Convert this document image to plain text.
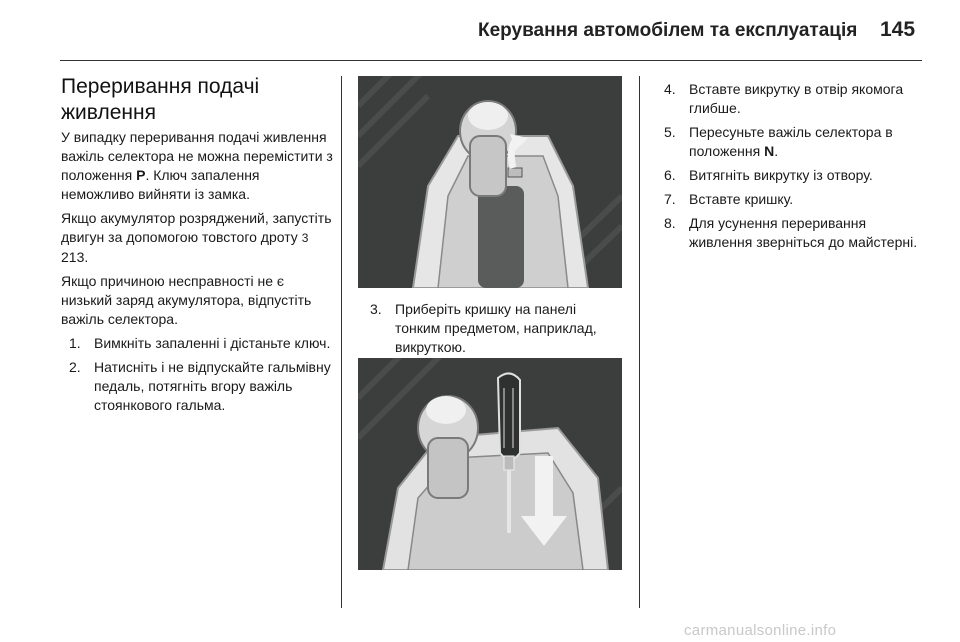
Керування автомобілем та експлуатація 145
Переривання подачі живлення

У випадку переривання подачі живлення важіль селектора не можна перемістити з положення P. Ключ запалення неможливо вийняти із замка.

Якщо акумулятор розряджений, запустіть двигун за допомогою товстого дроту 3 213.

Якщо причиною несправності не є низький заряд акумулятора, відпустіть важіль селектора.

1. Вимкніть запаленні і дістаньте ключ.
2. Натисніть і не відпускайте гальмівну педаль, потягніть вгору важіль стоянкового гальма.
3. Приберіть кришку на панелі тонким предметом, наприклад, викруткою.
4. Вставте викрутку в отвір якомога глибше.
5. Пересуньте важіль селектора в положення N.
6. Витягніть викрутку із отвору.
7. Вставте кришку.
8. Для усунення переривання живлення зверніться до майстерні.
carmanualsonline.info
